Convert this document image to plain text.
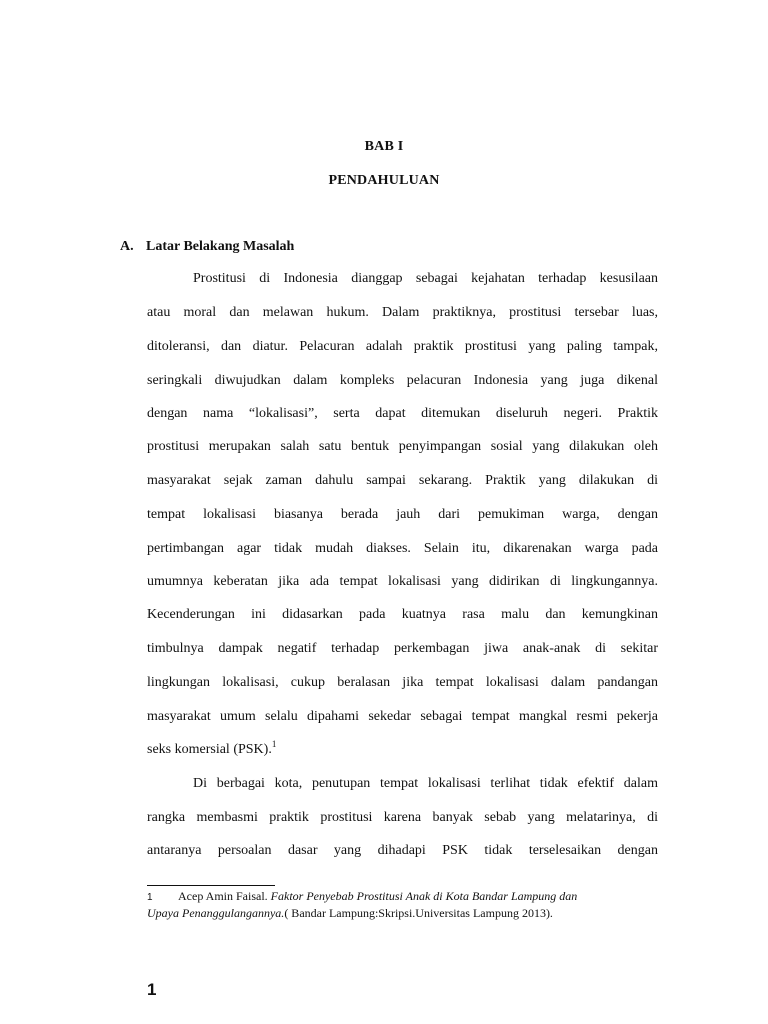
BAB I
PENDAHULUAN
A. Latar Belakang Masalah
Prostitusi di Indonesia dianggap sebagai kejahatan terhadap kesusilaan
atau moral dan melawan hukum. Dalam praktiknya, prostitusi tersebar luas,
ditoleransi, dan diatur. Pelacuran adalah praktik prostitusi yang paling tampak,
seringkali diwujudkan dalam kompleks pelacuran Indonesia yang juga dikenal
dengan nama “lokalisasi”, serta dapat ditemukan diseluruh negeri. Praktik
prostitusi merupakan salah satu bentuk penyimpangan sosial yang dilakukan oleh
masyarakat sejak zaman dahulu sampai sekarang. Praktik yang dilakukan di
tempat lokalisasi biasanya berada jauh dari pemukiman warga, dengan
pertimbangan agar tidak mudah diakses. Selain itu, dikarenakan warga pada
umumnya keberatan jika ada tempat lokalisasi yang didirikan di lingkungannya.
Kecenderungan ini didasarkan pada kuatnya rasa malu dan kemungkinan
timbulnya dampak negatif terhadap perkembagan jiwa anak-anak di sekitar
lingkungan lokalisasi, cukup beralasan jika tempat lokalisasi dalam pandangan
masyarakat umum selalu dipahami sekedar sebagai tempat mangkal resmi pekerja
seks komersial (PSK).$^1$
Di berbagai kota, penutupan tempat lokalisasi terlihat tidak efektif dalam
rangka membasmi praktik prostitusi karena banyak sebab yang melatarinya, di
antaranya persoalan dasar yang dihadapi PSK tidak terselesaikan dengan
1 Acep Amin Faisal. Faktor Penyebab Prostitusi Anak di Kota Bandar Lampung dan
Upaya Penanggulangannya.( Bandar Lampung:Skripsi.Universitas Lampung 2013).
1
